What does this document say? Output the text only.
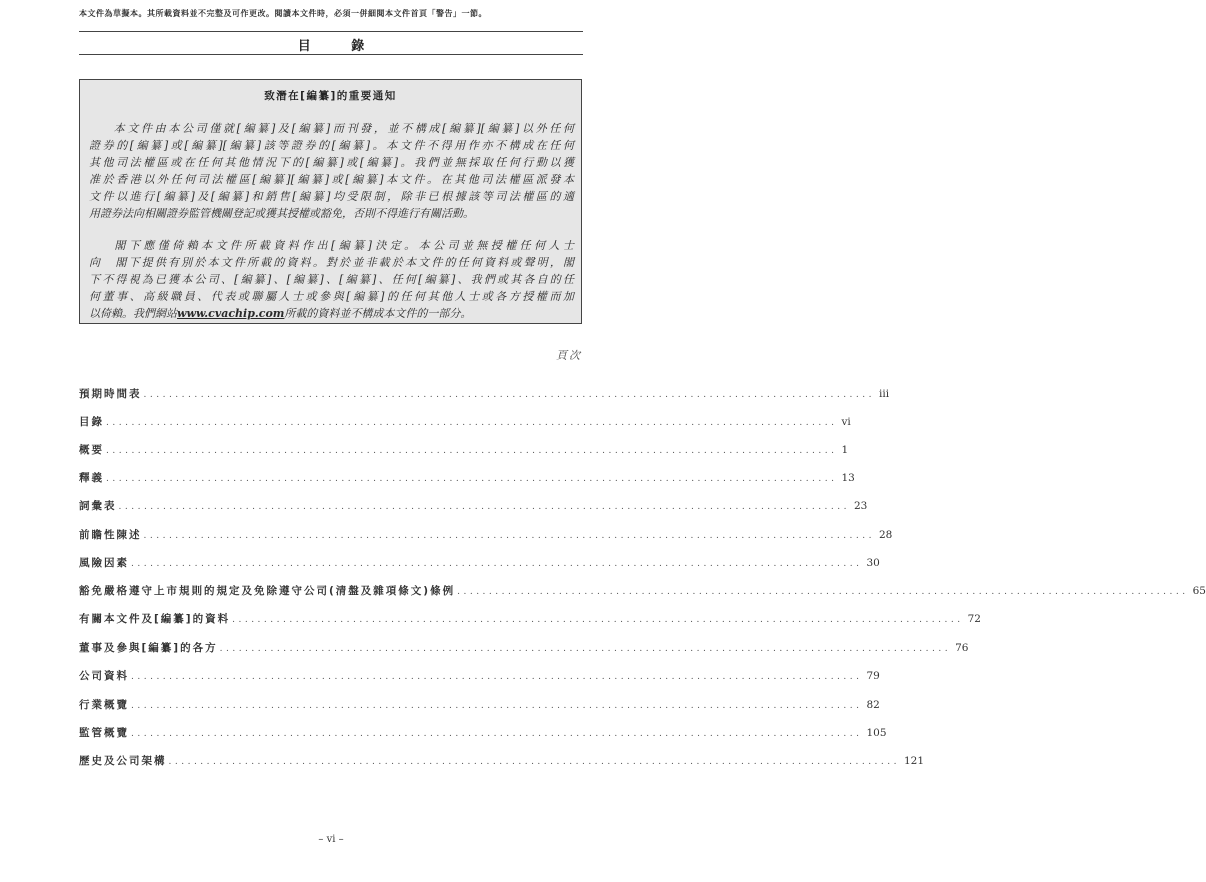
本文件為草擬本。其所載資料並不完整及可作更改。閱讀本文件時，必須一併細閱本文件首頁「警告」一節。
目 錄
致潛在[編纂]的重要通知
本文件由本公司僅就[編纂]及[編纂]而刊發，並不構成[編纂][編纂]以外任何
證券的[編纂]或[編纂][編纂]該等證券的[編纂]。本文件不得用作亦不構成在任何
其他司法權區或在任何其他情況下的[編纂]或[編纂]。我們並無採取任何行動以獲
准於香港以外任何司法權區[編纂][編纂]或[編纂]本文件。在其他司法權區派發本
文件以進行[編纂]及[編纂]和銷售[編纂]均受限制，除非已根據該等司法權區的適
用證券法向相關證券監管機關登記或獲其授權或豁免，否則不得進行有關活動。
閣下應僅倚賴本文件所載資料作出[編纂]決定。本公司並無授權任何人士
向　閣下提供有別於本文件所載的資料。對於並非載於本文件的任何資料或聲明，閣
下不得視為已獲本公司、[編纂]、[編纂]、[編纂]、任何[編纂]、我們或其各自的任
何董事、高級職員、代表或聯屬人士或參與[編纂]的任何其他人士或各方授權而加
以倚賴。我們網站www.cvachip.com所載的資料並不構成本文件的一部分。
頁次
預期時間表 ................................................................................................................... iii
目錄 ................................................................................................................... vi
概要 ................................................................................................................... 1
釋義 ................................................................................................................... 13
詞彙表 ................................................................................................................... 23
前瞻性陳述 ................................................................................................................... 28
風險因素 ................................................................................................................... 30
豁免嚴格遵守上市規則的規定及免除遵守公司(清盤及雜項條文)條例 ................................................................................................................... 65
有關本文件及[編纂]的資料 ................................................................................................................... 72
董事及參與[編纂]的各方 ................................................................................................................... 76
公司資料 ................................................................................................................... 79
行業概覽 ................................................................................................................... 82
監管概覽 ................................................................................................................... 105
歷史及公司架構 ................................................................................................................... 121
– vi –
